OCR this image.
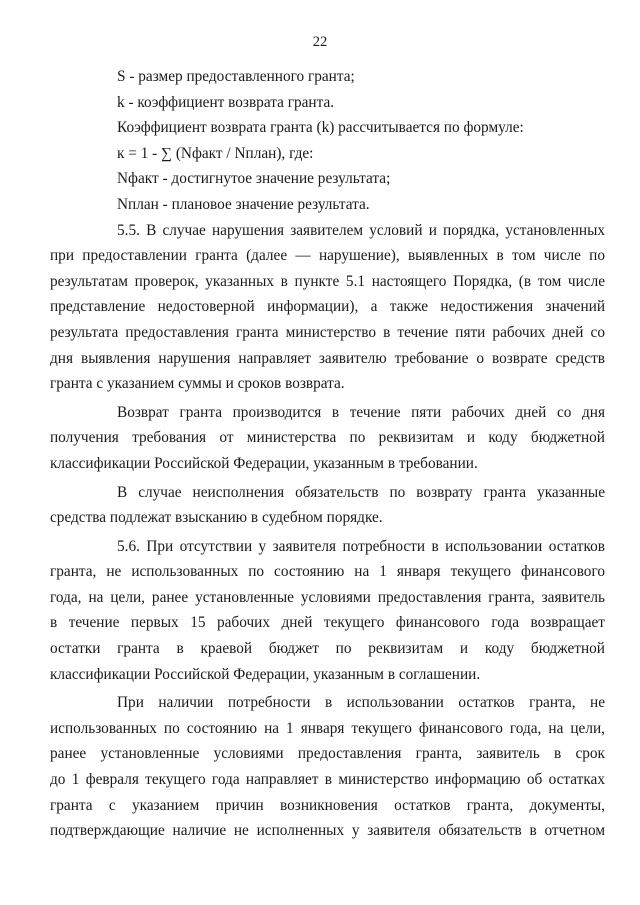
22
S - размер предоставленного гранта;
k - коэффициент возврата гранта.
Коэффициент возврата гранта (k) рассчитывается по формуле:
к = 1 - ∑ (Nфакт / Nплан), где:
Nфакт - достигнутое значение результата;
Nплан - плановое значение результата.
5.5. В случае нарушения заявителем условий и порядка, установленных
при предоставлении гранта (далее — нарушение), выявленных в том числе по
результатам проверок, указанных в пункте 5.1 настоящего Порядка, (в том числе
представление недостоверной информации), а также недостижения значений
результата предоставления гранта министерство в течение пяти рабочих дней со
дня выявления нарушения направляет заявителю требование о возврате средств
гранта с указанием суммы и сроков возврата.
Возврат гранта производится в течение пяти рабочих дней со дня
получения требования от министерства по реквизитам и коду бюджетной
классификации Российской Федерации, указанным в требовании.
В случае неисполнения обязательств по возврату гранта указанные
средства подлежат взысканию в судебном порядке.
5.6. При отсутствии у заявителя потребности в использовании остатков
гранта, не использованных по состоянию на 1 января текущего финансового
года, на цели, ранее установленные условиями предоставления гранта, заявитель
в течение первых 15 рабочих дней текущего финансового года возвращает
остатки гранта в краевой бюджет по реквизитам и коду бюджетной
классификации Российской Федерации, указанным в соглашении.
При наличии потребности в использовании остатков гранта, не
использованных по состоянию на 1 января текущего финансового года, на цели,
ранее установленные условиями предоставления гранта, заявитель в срок
до 1 февраля текущего года направляет в министерство информацию об остатках
гранта с указанием причин возникновения остатков гранта, документы,
подтверждающие наличие не исполненных у заявителя обязательств в отчетном
